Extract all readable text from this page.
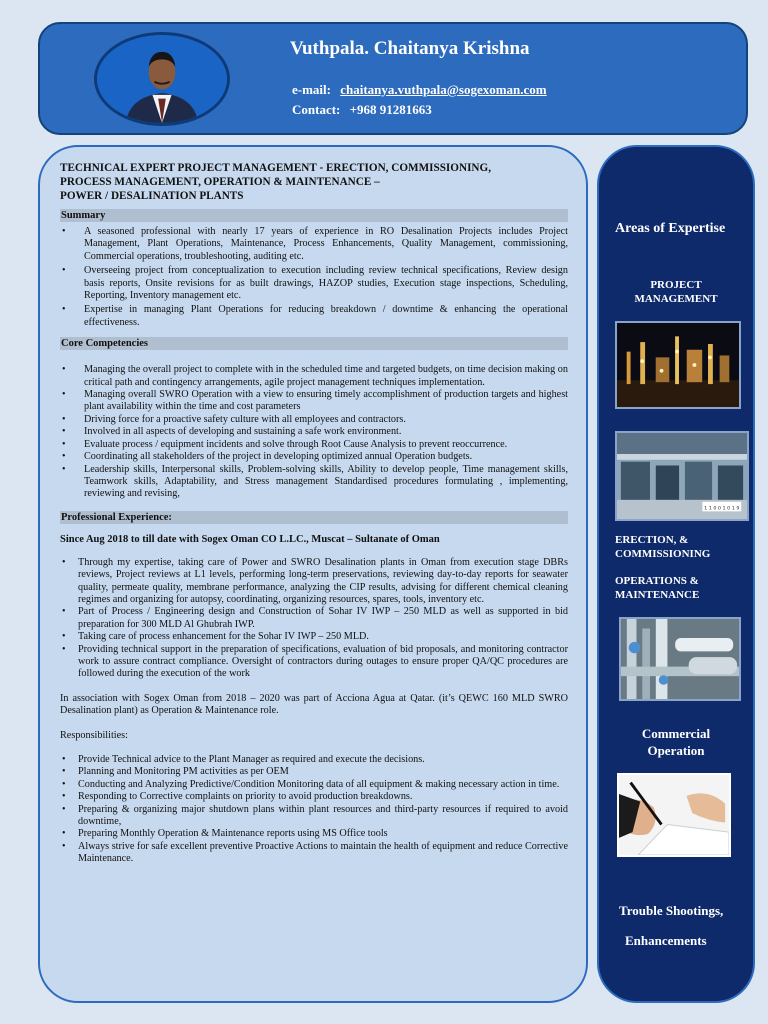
Vuthpala. Chaitanya Krishna
e-mail: chaitanya.vuthpala@sogexoman.com
Contact: +968 91281663
TECHNICAL EXPERT PROJECT MANAGEMENT - ERECTION, COMMISSIONING,
PROCESS MANAGEMENT, OPERATION & MAINTENANCE –
POWER / DESALINATION PLANTS
Summary
• A seasoned professional with nearly 17 years of experience in RO Desalination Projects includes Project Management, Plant Operations, Maintenance, Process Enhancements, Quality Management, commissioning, Commercial operations, troubleshooting, auditing etc.
• Overseeing project from conceptualization to execution including review technical specifications, Review design basis reports, Onsite revisions for as built drawings, HAZOP studies, Execution stage inspections, Scheduling, Reporting, Inventory management etc.
• Expertise in managing Plant Operations for reducing breakdown / downtime & enhancing the operational effectiveness.
Core Competencies
• Managing the overall project to complete with in the scheduled time and targeted budgets, on time decision making on critical path and contingency arrangements, agile project management techniques implementation.
• Managing overall SWRO Operation with a view to ensuring timely accomplishment of production targets and highest plant availability within the time and cost parameters
• Driving force for a proactive safety culture with all employees and contractors.
• Involved in all aspects of developing and sustaining a safe work environment.
• Evaluate process / equipment incidents and solve through Root Cause Analysis to prevent reoccurrence.
• Coordinating all stakeholders of the project in developing optimized annual Operation budgets.
• Leadership skills, Interpersonal skills, Problem-solving skills, Ability to develop people, Time management skills, Teamwork skills, Adaptability, and Stress management Standardised procedures formulating , implementing, reviewing and revising,
Professional Experience:
Since Aug 2018 to till date with Sogex Oman CO L.LC., Muscat – Sultanate of Oman
• Through my expertise, taking care of Power and SWRO Desalination plants in Oman from execution stage DBRs reviews, Project reviews at L1 levels, performing long-term preservations, reviewing day-to-day reports for seawater quality, permeate quality, membrane performance, analyzing the CIP results, advising for different chemical cleaning regimes and organizing for autopsy, coordinating, organizing resources, spares, tools, inventory etc.
• Part of Process / Engineering design and Construction of Sohar IV IWP – 250 MLD as well as supported in bid preparation for 300 MLD Al Ghubrah IWP.
• Taking care of process enhancement for the Sohar IV IWP – 250 MLD.
• Providing technical support in the preparation of specifications, evaluation of bid proposals, and monitoring contractor work to assure contract compliance. Oversight of contractors during outages to ensure proper QA/QC procedures are followed during the execution of the work
In association with Sogex Oman from 2018 – 2020 was part of Acciona Agua at Qatar. (it’s QEWC 160 MLD SWRO Desalination plant) as Operation & Maintenance role.
Responsibilities:
• Provide Technical advice to the Plant Manager as required and execute the decisions.
• Planning and Monitoring PM activities as per OEM
• Conducting and Analyzing Predictive/Condition Monitoring data of all equipment & making necessary action in time.
• Responding to Corrective complaints on priority to avoid production breakdowns.
• Preparing & organizing major shutdown plans within plant resources and third-party resources if required to avoid downtime,
• Preparing Monthly Operation & Maintenance reports using MS Office tools
• Always strive for safe excellent preventive Proactive Actions to maintain the health of equipment and reduce Corrective Maintenance.
Areas of Expertise
PROJECT
MANAGEMENT
1 1 0 0 1 0 1 9
ERECTION, &
COMMISSIONING
OPERATIONS &
MAINTENANCE
Commercial
Operation
Trouble Shootings,
Enhancements
